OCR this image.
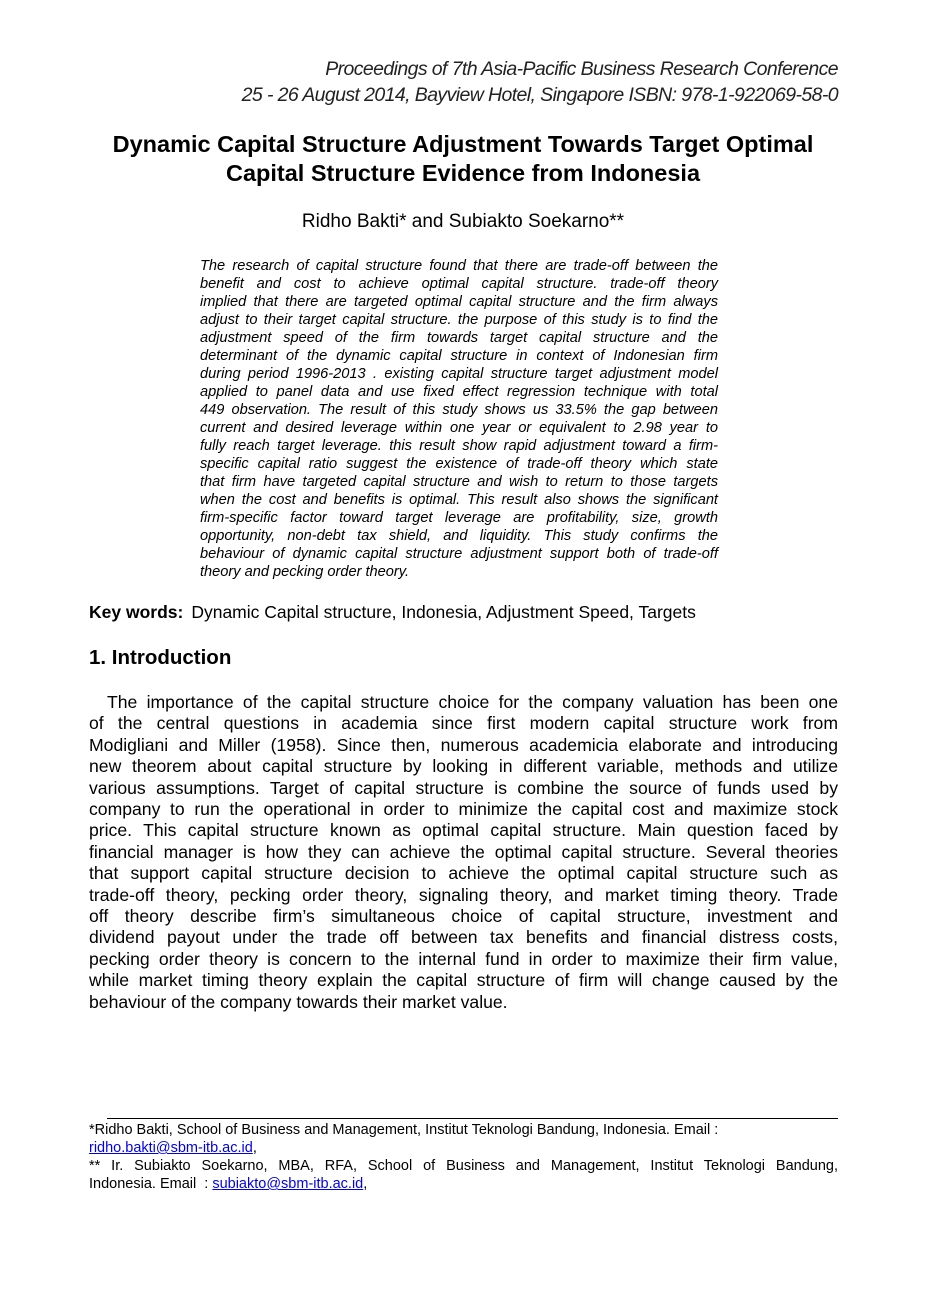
Proceedings of 7th Asia-Pacific Business Research Conference
25 - 26 August 2014, Bayview Hotel, Singapore ISBN: 978-1-922069-58-0
Dynamic Capital Structure Adjustment Towards Target Optimal
Capital Structure Evidence from Indonesia
Ridho Bakti* and Subiakto Soekarno**
The research of capital structure found that there are trade-off between the
benefit and cost to achieve optimal capital structure. trade-off theory
implied that there are targeted optimal capital structure and the firm always
adjust to their target capital structure. the purpose of this study is to find the
adjustment speed of the firm towards target capital structure and the
determinant of the dynamic capital structure in context of Indonesian firm
during period 1996-2013 . existing capital structure target adjustment model
applied to panel data and use fixed effect regression technique with total
449 observation. The result of this study shows us 33.5% the gap between
current and desired leverage within one year or equivalent to 2.98 year to
fully reach target leverage. this result show rapid adjustment toward a firm-
specific capital ratio suggest the existence of trade-off theory which state
that firm have targeted capital structure and wish to return to those targets
when the cost and benefits is optimal. This result also shows the significant
firm-specific factor toward target leverage are profitability, size, growth
opportunity, non-debt tax shield, and liquidity. This study confirms the
behaviour of dynamic capital structure adjustment support both of trade-off
theory and pecking order theory.
Key words: Dynamic Capital structure, Indonesia, Adjustment Speed, Targets
1. Introduction
The importance of the capital structure choice for the company valuation has been one
of the central questions in academia since first modern capital structure work from
Modigliani and Miller (1958). Since then, numerous academicia elaborate and introducing
new theorem about capital structure by looking in different variable, methods and utilize
various assumptions. Target of capital structure is combine the source of funds used by
company to run the operational in order to minimize the capital cost and maximize stock
price. This capital structure known as optimal capital structure. Main question faced by
financial manager is how they can achieve the optimal capital structure. Several theories
that support capital structure decision to achieve the optimal capital structure such as
trade-off theory, pecking order theory, signaling theory, and market timing theory. Trade
off theory describe firm’s simultaneous choice of capital structure, investment and
dividend payout under the trade off between tax benefits and financial distress costs,
pecking order theory is concern to the internal fund in order to maximize their firm value,
while market timing theory explain the capital structure of firm will change caused by the
behaviour of the company towards their market value.
*Ridho Bakti, School of Business and Management, Institut Teknologi Bandung, Indonesia. Email :
ridho.bakti@sbm-itb.ac.id,
** Ir. Subiakto Soekarno, MBA, RFA, School of Business and Management, Institut Teknologi Bandung,
Indonesia. Email  : subiakto@sbm-itb.ac.id,
